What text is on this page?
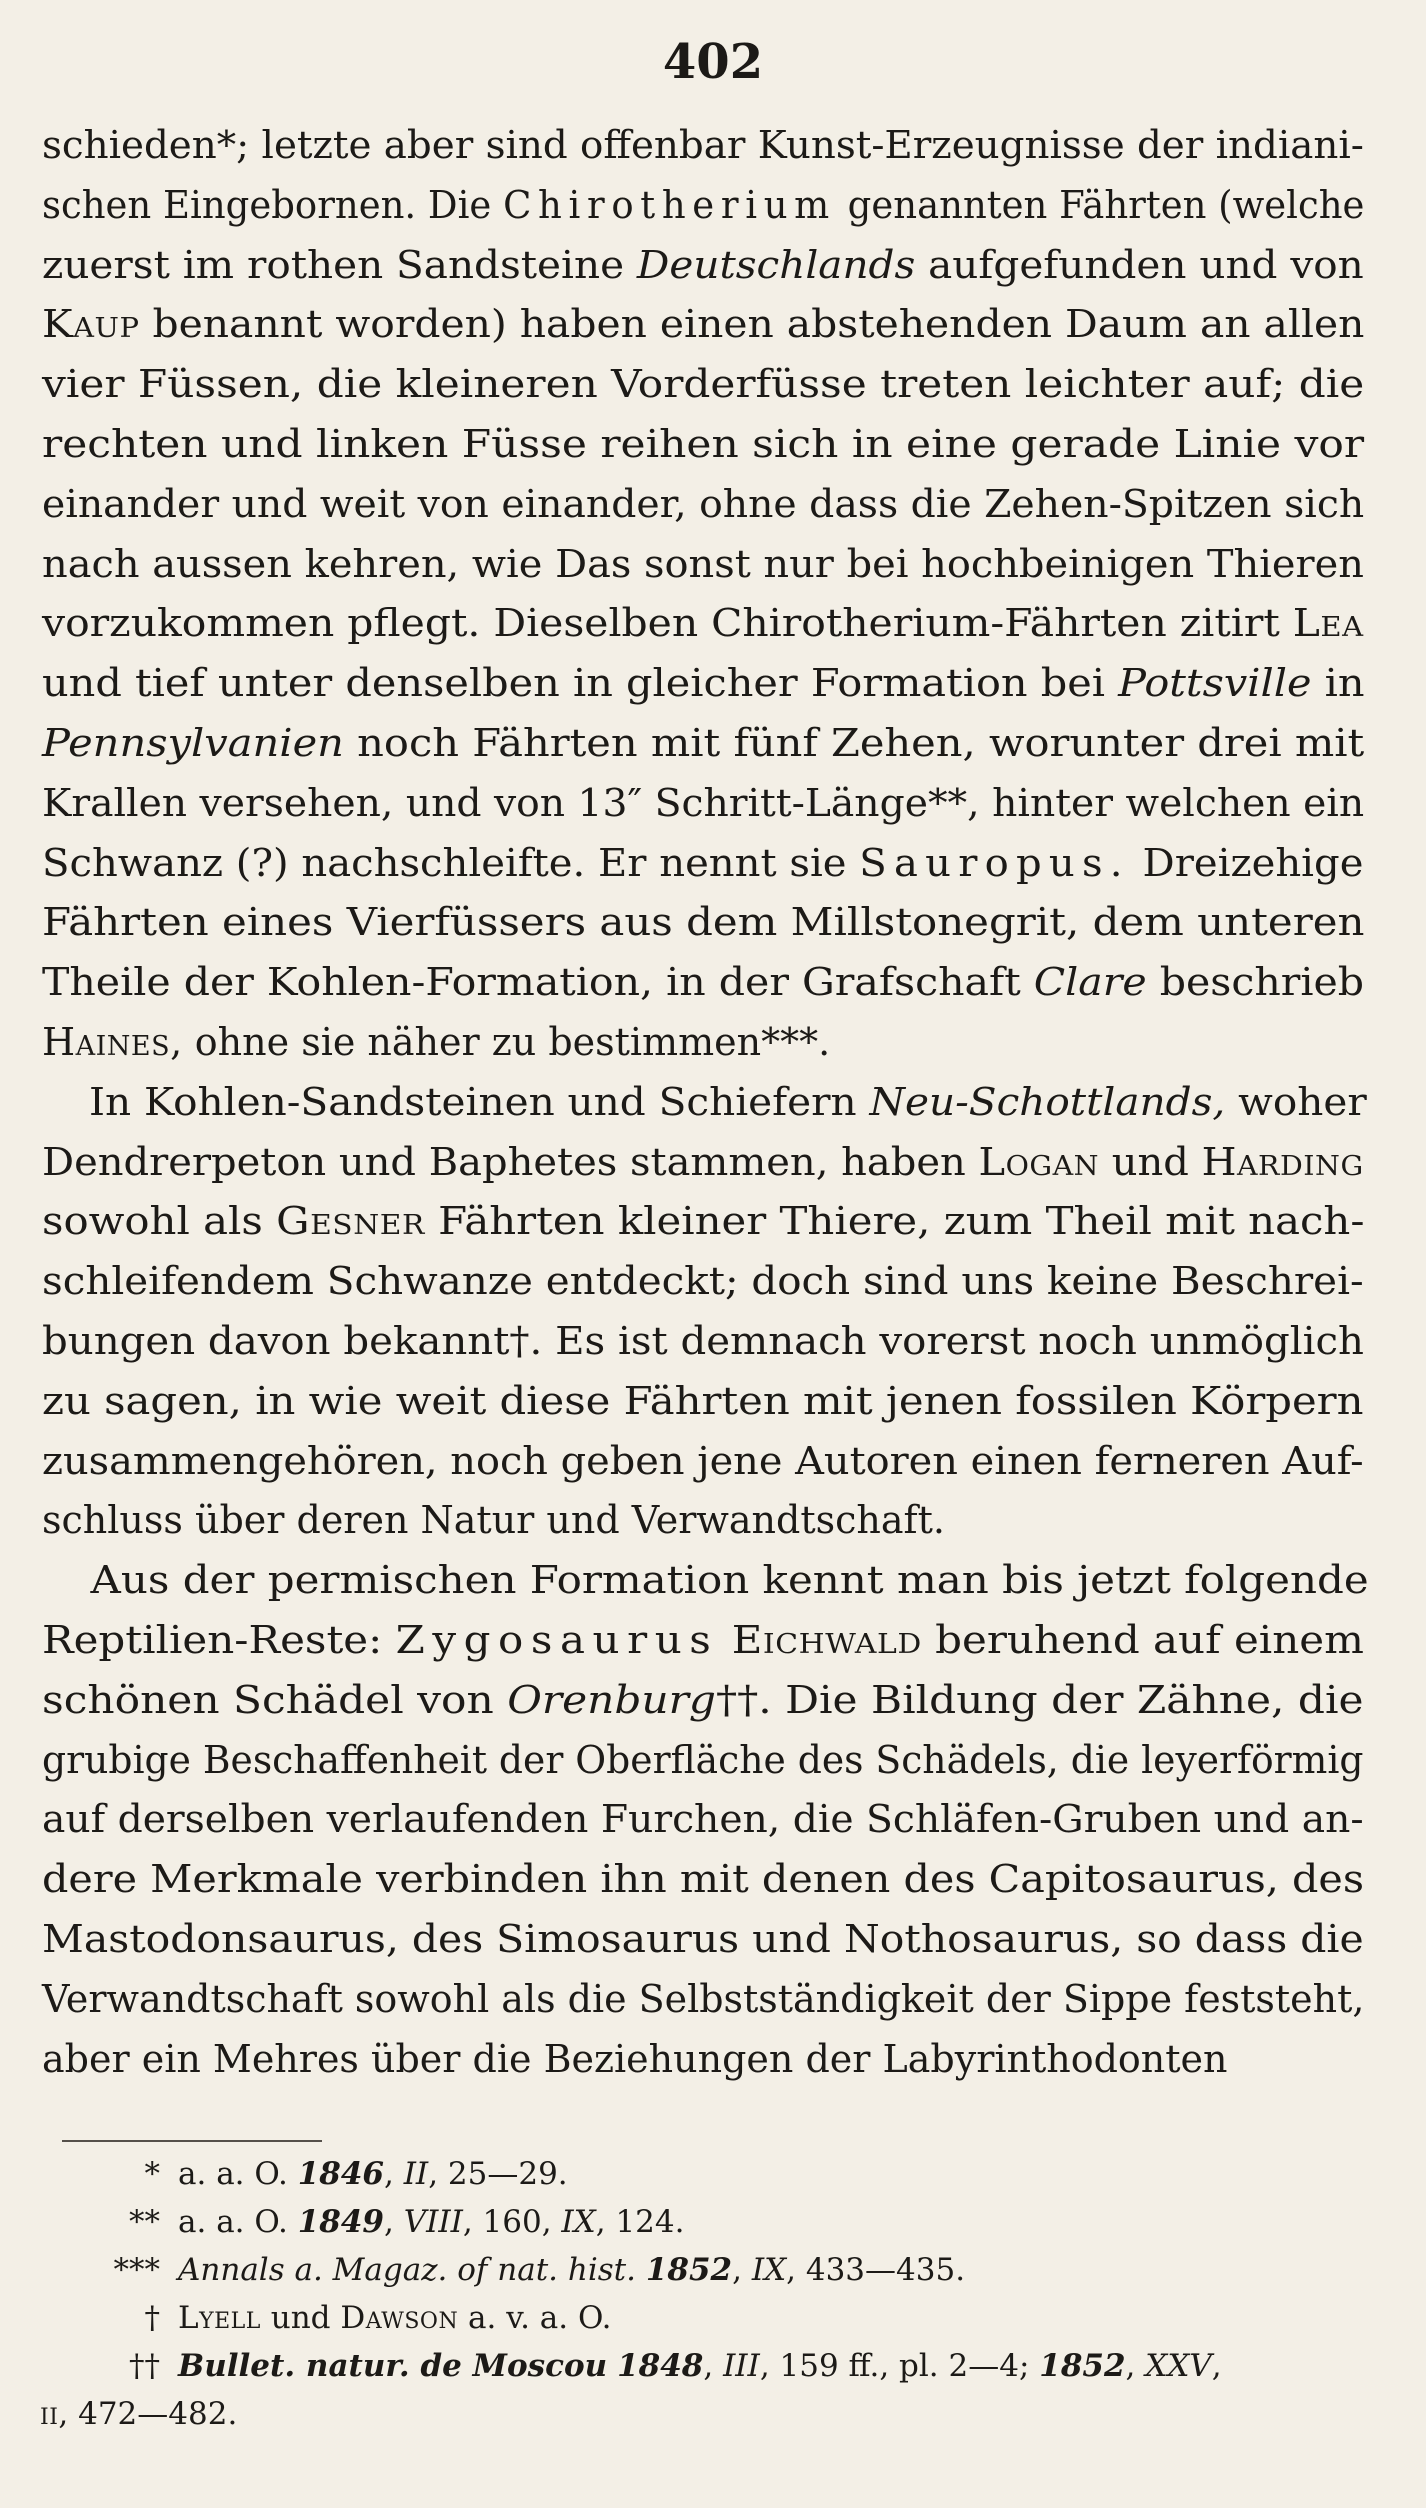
402
schieden*; letzte aber sind offenbar Kunst-Erzeugnisse der indiani-
schen Eingebornen. Die Chirotherium genannten Fährten (welche
zuerst im rothen Sandsteine Deutschlands aufgefunden und von
Kaup benannt worden) haben einen abstehenden Daum an allen
vier Füssen, die kleineren Vorderfüsse treten leichter auf; die
rechten und linken Füsse reihen sich in eine gerade Linie vor
einander und weit von einander, ohne dass die Zehen-Spitzen sich
nach aussen kehren, wie Das sonst nur bei hochbeinigen Thieren
vorzukommen pflegt. Dieselben Chirotherium-Fährten zitirt Lea
und tief unter denselben in gleicher Formation bei Pottsville in
Pennsylvanien noch Fährten mit fünf Zehen, worunter drei mit
Krallen versehen, und von 13″ Schritt-Länge**, hinter welchen ein
Schwanz (?) nachschleifte. Er nennt sie Sauropus. Dreizehige
Fährten eines Vierfüssers aus dem Millstonegrit, dem unteren
Theile der Kohlen-Formation, in der Grafschaft Clare beschrieb
Haines, ohne sie näher zu bestimmen***.
In Kohlen-Sandsteinen und Schiefern Neu-Schottlands, woher
Dendrerpeton und Baphetes stammen, haben Logan und Harding
sowohl als Gesner Fährten kleiner Thiere, zum Theil mit nach-
schleifendem Schwanze entdeckt; doch sind uns keine Beschrei-
bungen davon bekannt†. Es ist demnach vorerst noch unmöglich
zu sagen, in wie weit diese Fährten mit jenen fossilen Körpern
zusammengehören, noch geben jene Autoren einen ferneren Auf-
schluss über deren Natur und Verwandtschaft.
Aus der permischen Formation kennt man bis jetzt folgende
Reptilien-Reste: Zygosaurus Eichwald beruhend auf einem
schönen Schädel von Orenburg††. Die Bildung der Zähne, die
grubige Beschaffenheit der Oberfläche des Schädels, die leyerförmig
auf derselben verlaufenden Furchen, die Schläfen-Gruben und an-
dere Merkmale verbinden ihn mit denen des Capitosaurus, des
Mastodonsaurus, des Simosaurus und Nothosaurus, so dass die
Verwandtschaft sowohl als die Selbstständigkeit der Sippe feststeht,
aber ein Mehres über die Beziehungen der Labyrinthodonten
* a. a. O. 1846, II, 25—29.
** a. a. O. 1849, VIII, 160, IX, 124.
*** Annals a. Magaz. of nat. hist. 1852, IX, 433—435.
† Lyell und Dawson a. v. a. O.
†† Bullet. natur. de Moscou 1848, III, 159 ff., pl. 2—4; 1852, XXV,
ii, 472—482.
